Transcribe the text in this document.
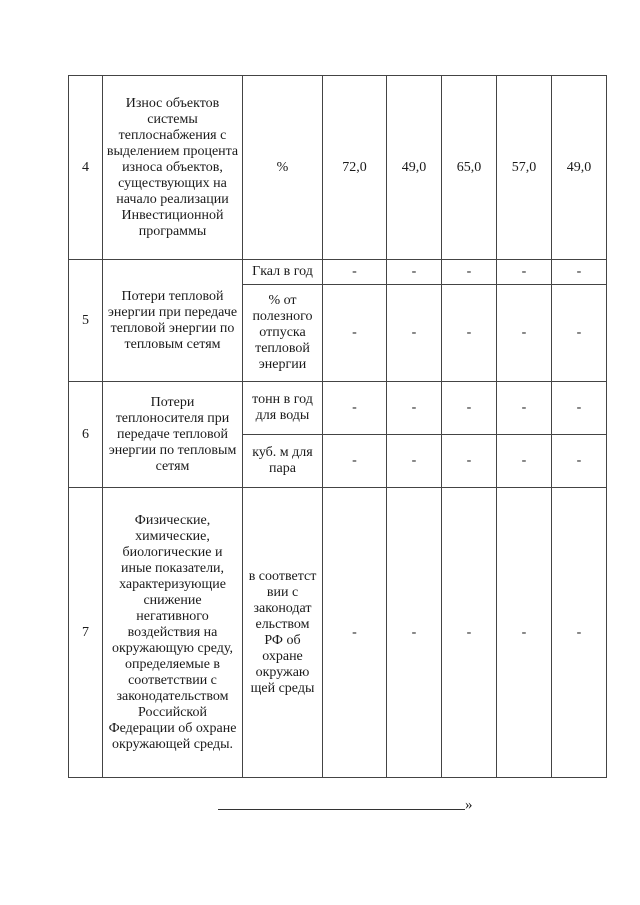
4	Износ объектов системы теплоснабжения с выделением процента износа объектов, существующих на начало реализации Инвестиционной программы	%	72,0	49,0	65,0	57,0	49,0
5	Потери тепловой энергии при передаче тепловой энергии по тепловым сетям	Гкал в год	-	-	-	-	-
		% от полезного отпуска тепловой энергии	-	-	-	-	-
6	Потери теплоносителя при передаче тепловой энергии по тепловым сетям	тонн в год для воды	-	-	-	-	-
		куб. м для пара	-	-	-	-	-
7	Физические, химические, биологические и иные показатели, характеризующие снижение негативного воздействия на окружающую среду, определяемые в соответствии с законодательством Российской Федерации об охране окружающей среды.	в соответст вии с законодат ельством РФ об охране окружаю щей среды	-	-	-	-	-
»
